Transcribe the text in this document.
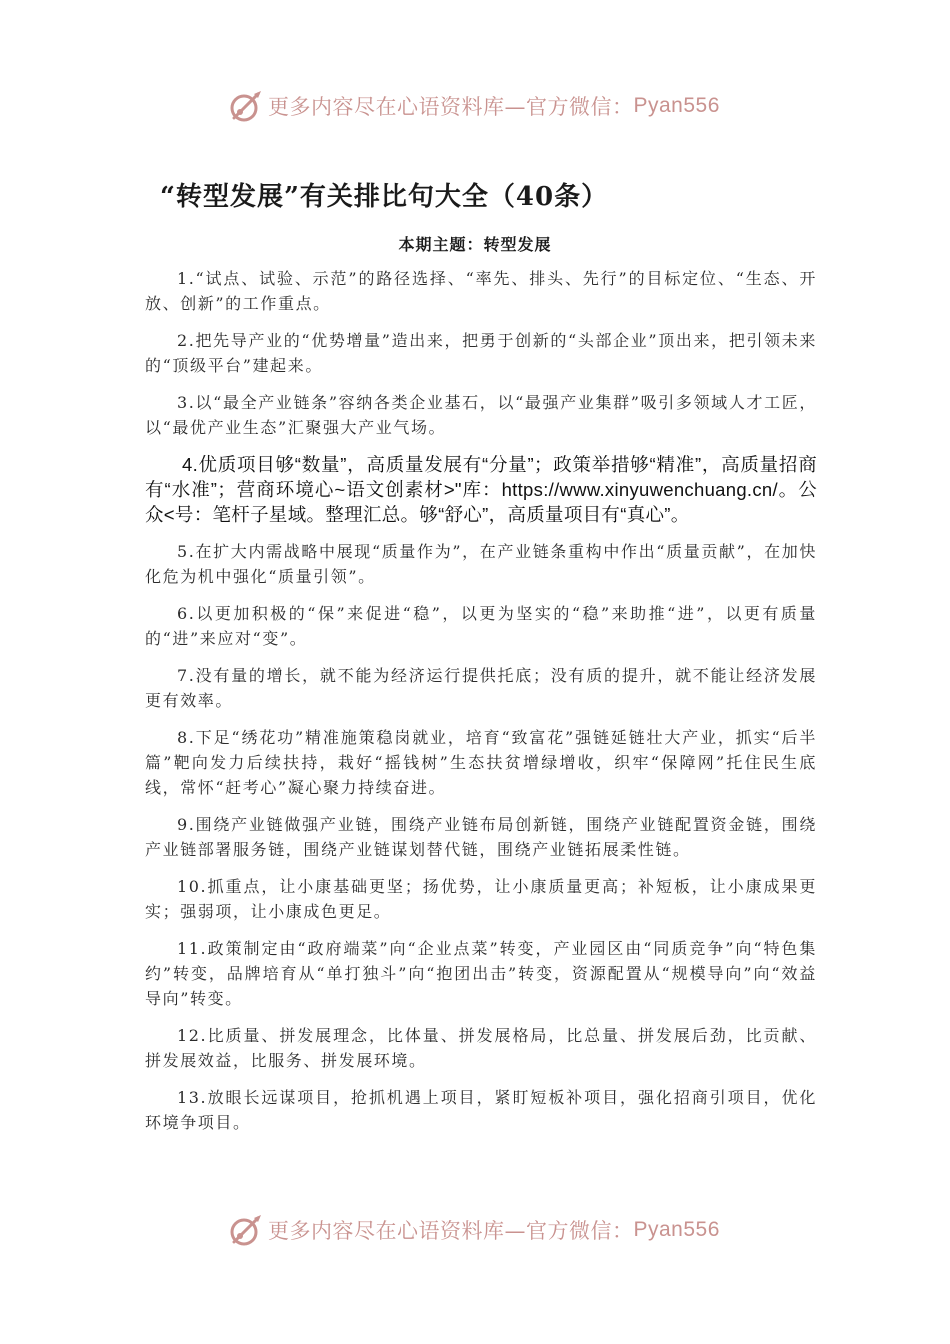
更多内容尽在心语资料库—官方微信： Pyan556
“转型发展”有关排比句大全（40条）
本期主题：转型发展

1.“试点、试验、示范”的路径选择、“率先、排头、先行”的目标定位、“生态、开放、创新”的工作重点。

2.把先导产业的“优势增量”造出来，把勇于创新的“头部企业”顶出来，把引领未来的“顶级平台”建起来。

3.以“最全产业链条”容纳各类企业基石，以“最强产业集群”吸引多领域人才工匠，以“最优产业生态”汇聚强大产业气场。

4.优质项目够“数量”，高质量发展有“分量”；政策举措够“精准”，高质量招商有“水准”；营商环境心~语文创素材>"库：https://www.xinyuwenchuang.cn/。公众<号：笔杆子星域。整理汇总。够“舒心”，高质量项目有“真心”。

5.在扩大内需战略中展现“质量作为”，在产业链条重构中作出“质量贡献”，在加快化危为机中强化“质量引领”。

6.以更加积极的“保”来促进“稳”，以更为坚实的“稳”来助推“进”，以更有质量的“进”来应对“变”。

7.没有量的增长，就不能为经济运行提供托底；没有质的提升，就不能让经济发展更有效率。

8.下足“绣花功”精准施策稳岗就业，培育“致富花”强链延链壮大产业，抓实“后半篇”靶向发力后续扶持，栽好“摇钱树”生态扶贫增绿增收，织牢“保障网”托住民生底线，常怀“赶考心”凝心聚力持续奋进。

9.围绕产业链做强产业链，围绕产业链布局创新链，围绕产业链配置资金链，围绕产业链部署服务链，围绕产业链谋划替代链，围绕产业链拓展柔性链。

10.抓重点，让小康基础更坚；扬优势，让小康质量更高；补短板，让小康成果更实；强弱项，让小康成色更足。

11.政策制定由“政府端菜”向“企业点菜”转变，产业园区由“同质竞争”向“特色集约”转变，品牌培育从“单打独斗”向“抱团出击”转变，资源配置从“规模导向”向“效益导向”转变。

12.比质量、拼发展理念，比体量、拼发展格局，比总量、拼发展后劲，比贡献、拼发展效益，比服务、拼发展环境。

13.放眼长远谋项目，抢抓机遇上项目，紧盯短板补项目，强化招商引项目，优化环境争项目。

更多内容尽在心语资料库—官方微信： Pyan556
